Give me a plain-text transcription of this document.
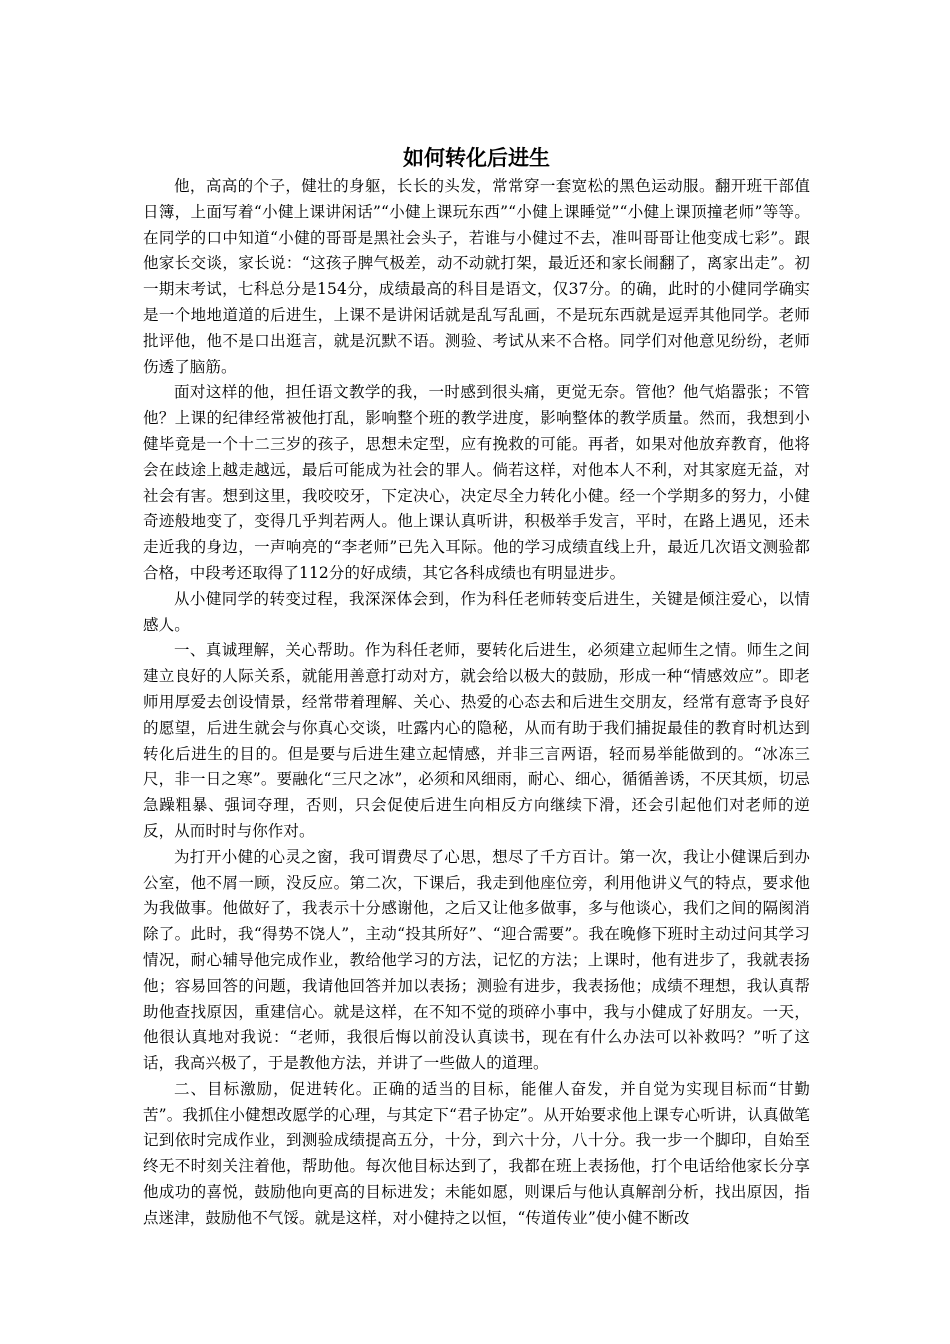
如何转化后进生

他，高高的个子，健壮的身躯，长长的头发，常常穿一套宽松的黑色运动服。翻开班干部值日簿，上面写着“小健上课讲闲话”“小健上课玩东西”“小健上课睡觉”“小健上课顶撞老师”等等。在同学的口中知道“小健的哥哥是黑社会头子，若谁与小健过不去，准叫哥哥让他变成七彩”。跟他家长交谈，家长说：“这孩子脾气极差，动不动就打架，最近还和家长闹翻了，离家出走”。初一期末考试，七科总分是154分，成绩最高的科目是语文，仅37分。的确，此时的小健同学确实是一个地地道道的后进生，上课不是讲闲话就是乱写乱画，不是玩东西就是逗弄其他同学。老师批评他，他不是口出逛言，就是沉默不语。测验、考试从来不合格。同学们对他意见纷纷，老师伤透了脑筋。

面对这样的他，担任语文教学的我，一时感到很头痛，更觉无奈。管他？他气焰嚣张；不管他？上课的纪律经常被他打乱，影响整个班的教学进度，影响整体的教学质量。然而，我想到小健毕竟是一个十二三岁的孩子，思想未定型，应有挽救的可能。再者，如果对他放弃教育，他将会在歧途上越走越远，最后可能成为社会的罪人。倘若这样，对他本人不利，对其家庭无益，对社会有害。想到这里，我咬咬牙，下定决心，决定尽全力转化小健。经一个学期多的努力，小健奇迹般地变了，变得几乎判若两人。他上课认真听讲，积极举手发言，平时，在路上遇见，还未走近我的身边，一声响亮的“李老师”已先入耳际。他的学习成绩直线上升，最近几次语文测验都合格，中段考还取得了112分的好成绩，其它各科成绩也有明显进步。

从小健同学的转变过程，我深深体会到，作为科任老师转变后进生，关键是倾注爱心，以情感人。

一、真诚理解，关心帮助。作为科任老师，要转化后进生，必须建立起师生之情。师生之间建立良好的人际关系，就能用善意打动对方，就会给以极大的鼓励，形成一种“情感效应”。即老师用厚爱去创设情景，经常带着理解、关心、热爱的心态去和后进生交朋友，经常有意寄予良好的愿望，后进生就会与你真心交谈，吐露内心的隐秘，从而有助于我们捕捉最佳的教育时机达到转化后进生的目的。但是要与后进生建立起情感，并非三言两语，轻而易举能做到的。“冰冻三尺，非一日之寒”。要融化“三尺之冰”，必须和风细雨，耐心、细心，循循善诱，不厌其烦，切忌急躁粗暴、强词夺理，否则，只会促使后进生向相反方向继续下滑，还会引起他们对老师的逆反，从而时时与你作对。

为打开小健的心灵之窗，我可谓费尽了心思，想尽了千方百计。第一次，我让小健课后到办公室，他不屑一顾，没反应。第二次，下课后，我走到他座位旁，利用他讲义气的特点，要求他为我做事。他做好了，我表示十分感谢他，之后又让他多做事，多与他谈心，我们之间的隔阂消除了。此时，我“得势不饶人”，主动“投其所好”、“迎合需要”。我在晚修下班时主动过问其学习情况，耐心辅导他完成作业，教给他学习的方法，记忆的方法；上课时，他有进步了，我就表扬他；容易回答的问题，我请他回答并加以表扬；测验有进步，我表扬他；成绩不理想，我认真帮助他查找原因，重建信心。就是这样，在不知不觉的琐碎小事中，我与小健成了好朋友。一天，他很认真地对我说：“老师，我很后悔以前没认真读书，现在有什么办法可以补救吗？”听了这话，我高兴极了，于是教他方法，并讲了一些做人的道理。

二、目标激励，促进转化。正确的适当的目标，能催人奋发，并自觉为实现目标而“甘勤苦”。我抓住小健想改愿学的心理，与其定下“君子协定”。从开始要求他上课专心听讲，认真做笔记到依时完成作业，到测验成绩提高五分，十分，到六十分，八十分。我一步一个脚印，自始至终无不时刻关注着他，帮助他。每次他目标达到了，我都在班上表扬他，打个电话给他家长分享他成功的喜悦，鼓励他向更高的目标进发；未能如愿，则课后与他认真解剖分析，找出原因，指点迷津，鼓励他不气馁。就是这样，对小健持之以恒，“传道传业”使小健不断改
